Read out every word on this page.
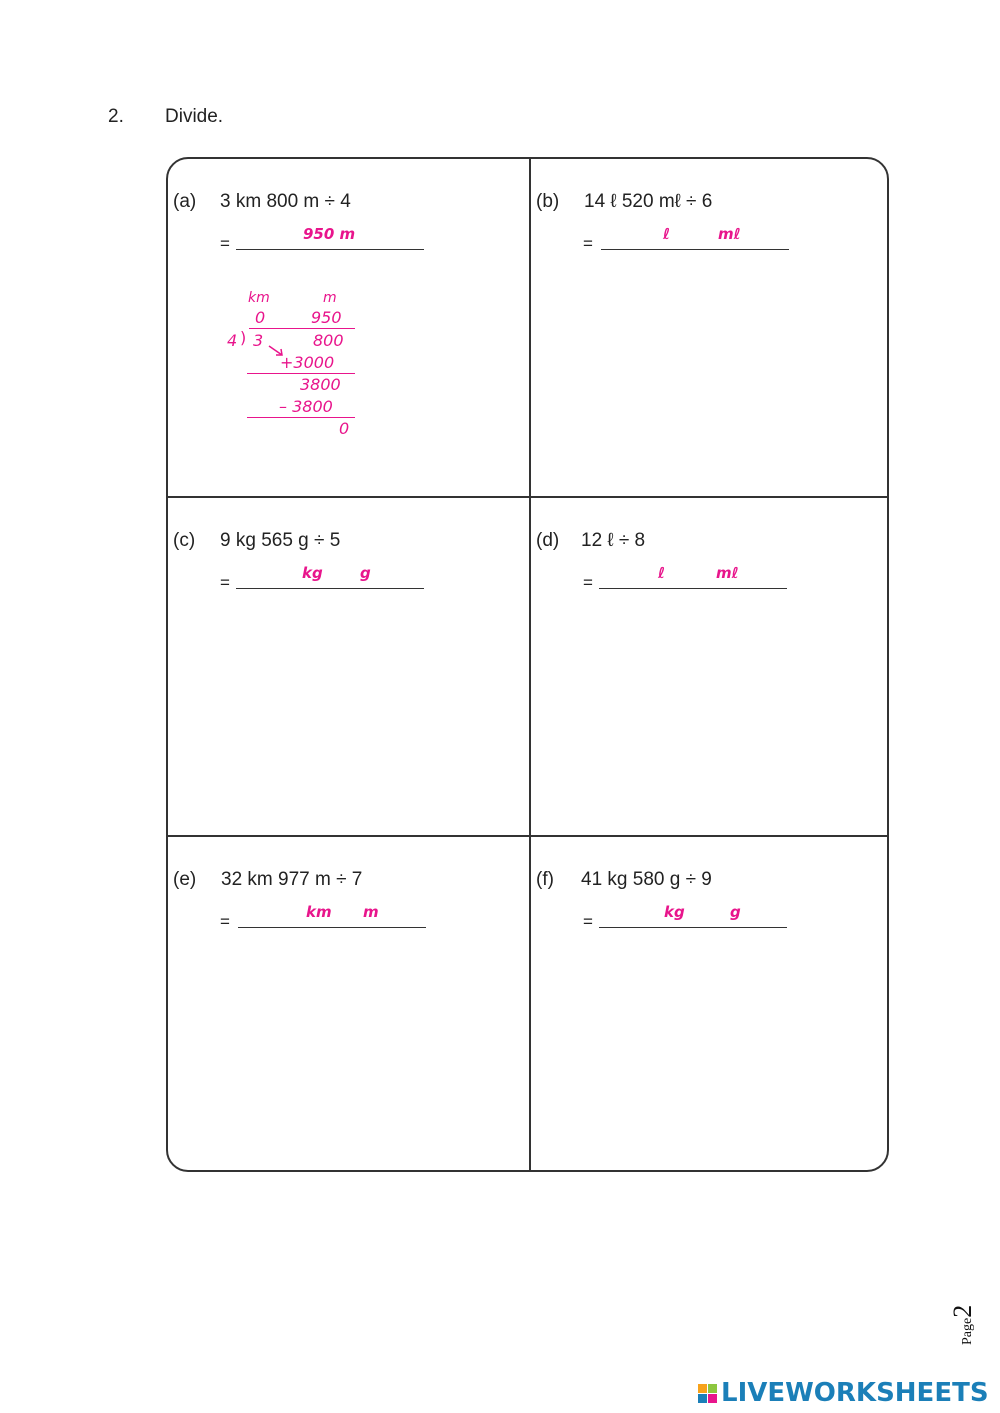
2. Divide.
(a) 3 km 800 m ÷ 4
=	950 m
km	m
0	950
4 ) 3	800
+3000
3800
– 3800
0
(b) 14 ℓ 520 mℓ ÷ 6
=	ℓ	mℓ
(c) 9 kg 565 g ÷ 5
=	kg g
(d) 12 ℓ ÷ 8
=	ℓ	mℓ
(e) 32 km 977 m ÷ 7
=	km m
(f) 41 kg 580 g ÷ 9
=	kg	g
Page2
LIVEWORKSHEETS
